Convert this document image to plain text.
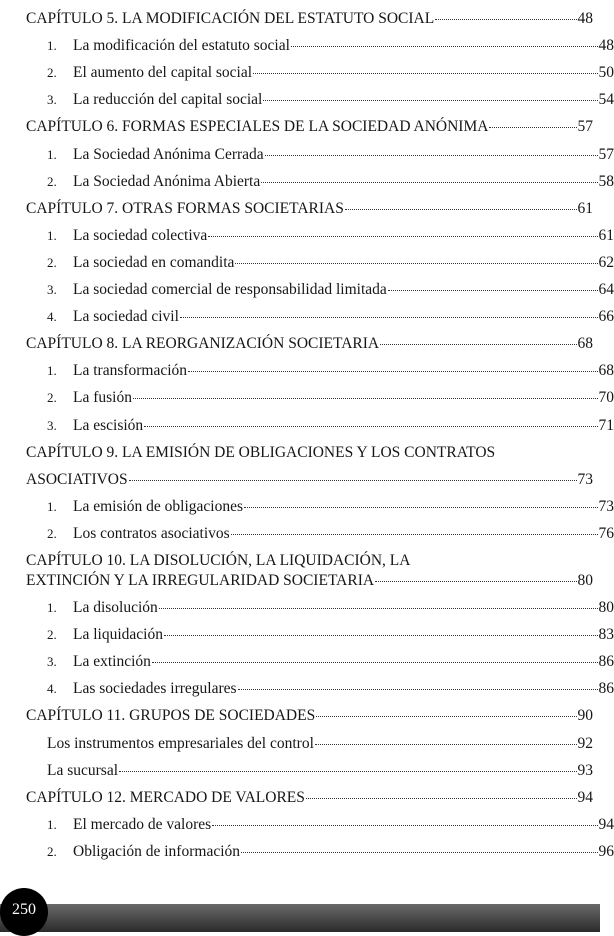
CAPÍTULO 5. LA MODIFICACIÓN DEL ESTATUTO SOCIAL	48
1.	La modificación del estatuto social	48
2.	El aumento del capital social	50
3.	La reducción del capital social	54
CAPÍTULO 6. FORMAS ESPECIALES DE LA SOCIEDAD ANÓNIMA	57
1.	La Sociedad Anónima Cerrada	57
2.	La Sociedad Anónima Abierta	58
CAPÍTULO 7. OTRAS FORMAS SOCIETARIAS	61
1.	La sociedad colectiva	61
2.	La sociedad en comandita	62
3.	La sociedad comercial de responsabilidad limitada	64
4.	La sociedad civil	66
CAPÍTULO 8. LA REORGANIZACIÓN SOCIETARIA	68
1.	La transformación	68
2.	La fusión	70
3.	La escisión	71
CAPÍTULO 9. LA EMISIÓN DE OBLIGACIONES Y LOS CONTRATOS
ASOCIATIVOS	73
1.	La emisión de obligaciones	73
2.	Los contratos asociativos	76
CAPÍTULO 10. LA DISOLUCIÓN, LA LIQUIDACIÓN, LA
EXTINCIÓN Y LA IRREGULARIDAD SOCIETARIA	80
1.	La disolución	80
2.	La liquidación	83
3.	La extinción	86
4.	Las sociedades irregulares	86
CAPÍTULO 11. GRUPOS DE SOCIEDADES	90
Los instrumentos empresariales del control	92
La sucursal	93
CAPÍTULO 12. MERCADO DE VALORES	94
1.	El mercado de valores	94
2.	Obligación de información	96
250
